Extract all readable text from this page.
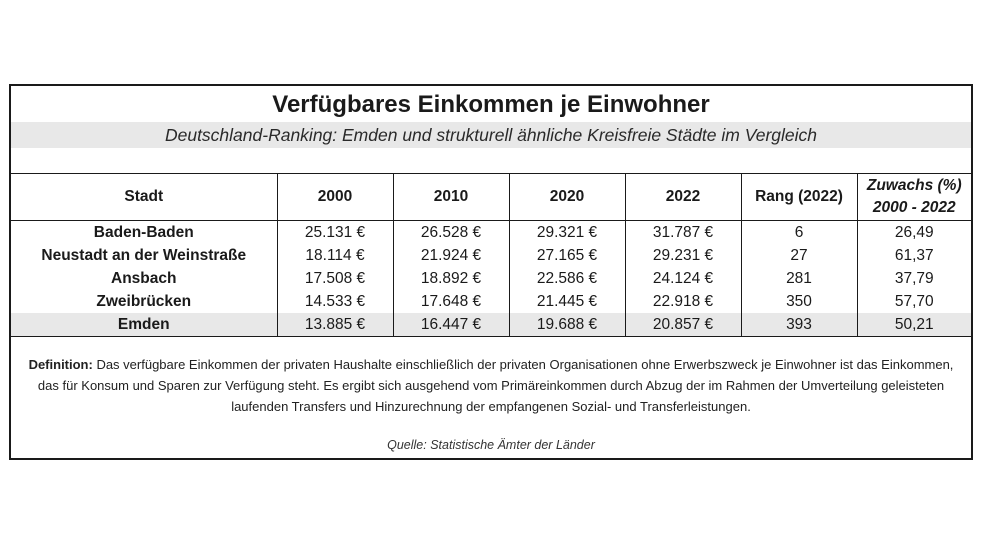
Verfügbares Einkommen je Einwohner
Deutschland-Ranking: Emden und strukturell ähnliche Kreisfreie Städte im Vergleich
Stadt	2000	2010	2020	2022	Rang (2022)	Zuwachs (%)
2000 - 2022
Baden-Baden	25.131 €	26.528 €	29.321 €	31.787 €	6	26,49
Neustadt an der Weinstraße	18.114 €	21.924 €	27.165 €	29.231 €	27	61,37
Ansbach	17.508 €	18.892 €	22.586 €	24.124 €	281	37,79
Zweibrücken	14.533 €	17.648 €	21.445 €	22.918 €	350	57,70
Emden	13.885 €	16.447 €	19.688 €	20.857 €	393	50,21
Definition: Das verfügbare Einkommen der privaten Haushalte einschließlich der privaten Organisationen ohne Erwerbszweck je Einwohner ist das Einkommen, das für Konsum und Sparen zur Verfügung steht. Es ergibt sich ausgehend vom Primäreinkommen durch Abzug der im Rahmen der Umverteilung geleisteten laufenden Transfers und Hinzurechnung der empfangenen Sozial- und Transferleistungen.
Quelle: Statistische Ämter der Länder
